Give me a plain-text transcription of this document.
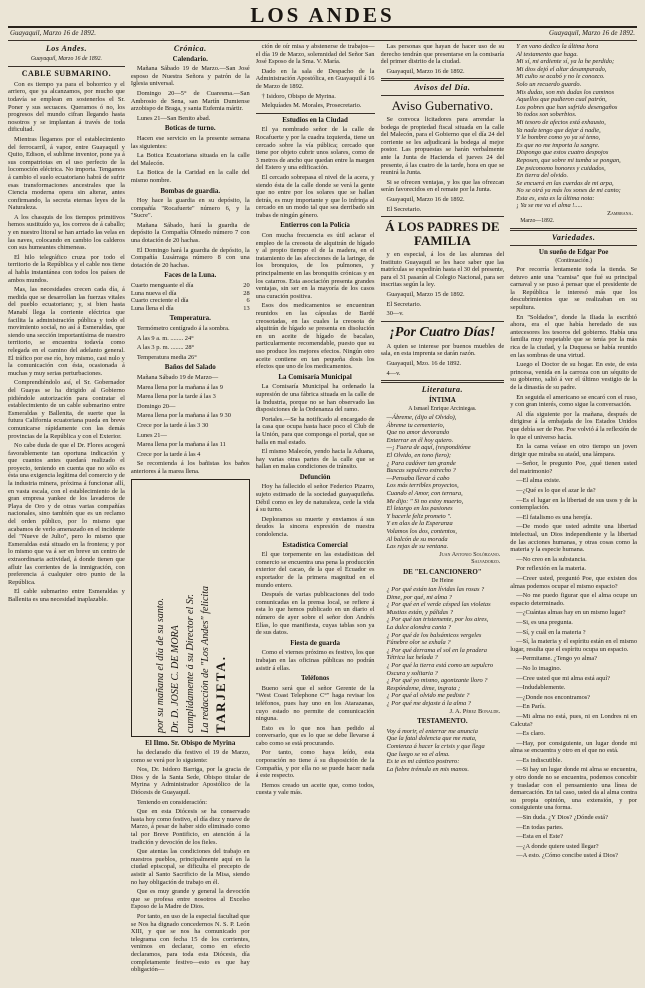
LOS ANDES
Guayaquil, Marzo 16 de 1892.	Guayaquil, Marzo 16 de 1892.
Los Andes.
Guayaquil, Marzo 16 de 1892.
CABLE SUBMARINO.

Con es tiempo ya para el bohorrico y el arriero, que ya alcanzamos, por mucho que todavía se emplean en sostenerlos el Sr. Poner y sus secuaces. Queramos ó no, los progresos del mundo cifran llegando hasta nosotros y se implantan á través de toda dificultad.

Mientras llegamos por el establecimiento del ferrocarril, á vapor, entre Guayaquil y Quito, Edison, el sublime inventor, pone ya á sus compatriotas en el uso perfecto de la locomoción eléctrica. No importa. Tengamos á cambio el suelo ecuatoriano habrá de sufrir esas transformaciones ancestrales que la Ciencia moderna opera sin alterar, antes confirmando, la secreta eternas leyes de la Naturaleza.

A los chasquis de los tiempos primitivos hemos sustituído ya, los correos de á caballo; y en nuestro litoral se han arriado las velas en las naves, colocando en cambio los calderos con sus humeantes chimeneas.

El hilo telegráfico cruza por todo el territorio de la República y el cable nos tiene al habla instantánea con todos los países de ambos mundos.

Mas, las necesidades crecen cada día, á medida que se desarrollan las fuerzas vitales del pueblo ecuatoriano; y, si bien hasta Manabí llega la corriente eléctrica que facilita la administración pública y todo el movimiento social, no así á Esmeraldas, que siendo una sección importantísima de nuestro territorio, se encuentra todavía como relegada en el camino del adelanto general. El tráfico por ese río, hoy mismo, casi nulo y la comunicación con ésta, ocasionada á muchas y muy serias perturbaciones.

Comprendiéndolo así, el Sr. Gobernador del Guayas se ha dirigido al Gobierno pidiéndole autorización para contratar el establecimiento de un cable submarino entre Esmeraldas y Ballenita, de suerte que la futura California ecuatoriana pueda en breve comunicarse rápidamente con las demás provincias de la República y con el Exterior.

No cabe duda de que el Dr. Flores acogerá favorablemente tan oportuna indicación y que cuantos antes quedará realizado el proyecto, teniendo en cuenta que no sólo es ésta una exigencia legítima del comercio y de la industria minera, próxima á funcionar allí, en vasta escala, con el establecimiento de la gran empresa yankee de los lavaderos de Playa de Oro y de otras varias compañías nacionales, sino también que es un reclamo del orden público, por lo mismo que acabamos de verlo amenazado en el incidente del "Nueve de Julio", pero lo mismo que Esmeraldas está situado en la frontera; y por lo mismo que va á ser en breve un centro de extraordinaria actividad, á donde tienen que afluir las corrientes de la inmigración, con preferencia á cualquier otro punto de la República.

El cable submarino entre Esmeraldas y Ballenita es una necesidad inaplazable.

Crónica.
Calendario.

Mañana Sábado 19 de Marzo.—San José esposo de Nuestra Señora y patrón de la Iglesia universal.

Domingo 20—5° de Cuaresma.—San Ambrosio de Sena, san Martín Dumiense arzobispo de Braga, y santa Eufemia mártir.

Lunes 21—San Benito abad.

Boticas de turno.

Hacen ese servicio en la presente semana las siguientes:

La Botica Ecuatoriana situada en la calle del Malecón.

La Botica de la Caridad en la calle del mismo nombre.

Bombas de guardia.

Hoy hace la guardia en su depósito, la compañía "Rocafuerte" número 6, y la "Sucre".

Mañana Sábado, hará la guardia de depósito la Compañía Olmedo número 7 con una dotación de 20 hachas.

El Domingo hará la guardia de depósito, la Compañía Lusárraga número 8 con una dotación de 20 hachas.

Faces de la Luna.
Cuarto menguante el día	20
Luna nueva el día	28
Cuarto creciente el día	6
Luna llena el día	13
Temperatura.

Termómetro centígrado á la sombra.

A las 9 a. m. ........ 24°

A las 3 p. m. ........ 28°

Temperatura media 26°

Baños del Salado

Mañana Sábado 19 de Marzo—

Marea llena por la mañana á las 9

Marea llena por la tarde á las 3

Domingo 20—

Marea llena por la mañana á las 9 30

Crece por la tarde á las 3 30

Lunes 21—

Marea llena por la mañana á las 11

Crece por la tarde á las 4

Se recomienda á los bañistas los baños anteriores á la marea llena.

por su mañana el día de su santo. Dr. D. JOSE C. DE MORA cumplidamente á su Director el Sr. La redacción de "Los Andes" felicita TARJETA.
El Ilmo. Sr. Obispo de Myrina

ha declarado día festivo el 19 de Marzo, como se verá por lo siguiente:

Nos, Dr. Isidoro Barriga, por la gracia de Dios y de la Santa Sede, Obispo titular de Myrina y Administrador Apostólico de la Diócesis de Guayaquil.

Teniendo en consideración:

Que en esta Diócesis se ha conservado hasta hoy como festivo, el día diez y nueve de Marzo, á pesar de haber sido eliminado como tal por Breve Pontificio, en atención á la tradición y devoción de los fieles.

Que atentas las condiciones del trabajo en nuestros pueblos, principalmente aquí en la ciudad episcopal, se dificulta el precepto de asistir al Santo Sacrificio de la Misa, siendo no hay obligación de trabajo en él.

Que es muy grande y general la devoción que se profesa entre nosotros al Excelso Esposo de la Madre de Dios.

Por tanto, en uso de la especial facultad que se Nos ha dignado concedernos N. S. P. León XIII, y que se nos ha comunicado por telegrama con fecha 15 de los corrientes, venimos en declarar, como en efecto declaramos, para toda esta Diócesis, día completamente festivo—esto es que hay obligación—

ción de oír misa y abstenerse de trabajos—el día 19 de Marzo, solemnidad del Señor San José Esposo de la Sma. V. María.

Dado en la sala de Despacho de la Administración Apostólica, en Guayaquil á 16 de Marzo de 1892.

† Isidoro, Obispo de Myrina.

Melquíades M. Morales, Prosecretario.

Estudios en la Ciudad

El ya nombrado señor de la calle de Rocafuerte y por la cuadra izquierda, tiene un cercado sobre la vía pública; cercado que tiene por objeto cubrir unos solares, como de 3 metros de ancho que quedan entre la margen del Estero y una edificación.

El cercado sobrepasa el nivel de la acera, y siendo ésta de la calle donde se verá la gente que no entre por los solares que se hallan detrás, es muy importante y que lo infrinja al cercado en un modo tal que sea derribado sin trabas de ningún género.

Entierros con la Policía

Con mucha frecuencia es útil aclarar el empleo de la creosota de alquitrán de hígado y al propio tiempo el de la madera, en el tratamiento de las afecciones de la laringe, de los bronquios, de los pulmones, y principalmente en las bronquitis crónicas y en los catarros. Esta asociación presenta grandes ventajas, sin ser en la mayoría de los casos una curación positiva.

Esos dos medicamentos se encuentran reunidos en las cápsulas de Bardé creosotadas, en las cuales la creosota de alquitrán de hígado se presenta en disolución en un aceite de hígado de bacalao, particularmente recomendable, puesto que su uso produce los mejores efectos. Ningún otro aceite contiene en tan pequeña dosis los efectos que uno de los medicamentos.

La Comisaría Municipal

La Comisaría Municipal ha ordenado la supresión de una fábrica situada en la calle de la Industria, porque no se han observado las disposiciones de la Ordenanza del ramo.

Portales.—Se ha notificado al encargado de la casa que ocupa hasta hace poco el Club de la Unión, para que componga el portal, que se halla en mal estado.

El mismo Malecón, yendo hacia la Aduana, hay varias otras partes de la calle que se hallan en malas condiciones de tránsito.

Defunción

Hoy ha fallecido el señor Federico Pizarro, sujeto estimado de la sociedad guayaquileña. Débil como es ley de naturaleza, cede la vida á su turno.

Deploramos su muerte y enviamos á sus deudos la sincera expresión de nuestra condolencia.

Estadística Comercial

El que torpemente en las estadísticas del comercio se encuentra una pena la producción exterior del cacao, de la que el Ecuador es exportador de la primera magnitud en el mundo entero.

Después de varias publicaciones del todo comunicadas en la prensa local, se refiere á esta lo que hemos publicado en un diario el número de ayer sobre el señor don Andrés Elías, lo que manifiesta, cuyas tablas son ya de sus datos.

Fiesta de guarda

Como el viernes próximo es festivo, los que trabajan en las oficinas públicas no podrán asistir á ellas.

Teléfonos

Bueno será que el señor Gerente de la "West Coast Telephone C°" haga revisar los teléfonos, pues hay uno en los Atarazanas, cuyo estado no permite de comunicación ninguna.

Esto es lo que nos han pedido al conversarlo, que es lo que se debe llevarse á cabo como se está procurando.

Por tanto, como haya leído, esta corporación no tiene á su disposición de la Compañía, y por ella no se puede hacer nada á este respecto.

Hemos creado un aceite que, como todos, cuesta y vale más.

Las personas que hayan de hacer uso de su derecho tendrán que presentarse en la comisaría del primer distrito de la ciudad.

Guayaquil, Marzo 16 de 1892.

Avisos del Día.
Aviso Gubernativo.

Se convoca licitadores para arrendar la bodega de propiedad fiscal situada en la calle del Malecón, para el Gobierno que el día 24 del corriente se les adjudicará la bodega al mejor postor. Las propuestas se harán verbalmente ante la Junta de Hacienda el jueves 24 del presente, á las cuatro de la tarde, hora en que se reunirá la Junta.

Si se ofrecen ventajas, y los que las ofrezcan serán favorecidos en el remate por la Junta.

Guayaquil, Marzo 16 de 1892.

El Secretario.

Á LOS PADRES DE FAMILIA

y en especial, á los de las alumnas del Instituto Guayaquil se les hace saber que las matrículas se expedirán hasta el 30 del presente, para el 31 pasarán al Colegio Nacional, para ser inscritas según la ley.

Guayaquil, Marzo 15 de 1892.

El Secretario.

30—v.

¡Por Cuatro Días!

A quien se interese por buenos muebles de sala, en esta imprenta se darán razón.

Guayaquil, Mzo. 16 de 1892.

4—v.

Literatura.
ÍNTIMA
A Ismael Enrique Arciniegas.

—Ábreme, (dijo al Olvido),

Ábreme tu cementerio,

Que no amor devorando

Enterrar en él hoy quiero.

—¡ Fuera de aquí, (respondióme

El Olvido, en tono fiero);

¿ Para cadáver tan grande

Buscas sepulcro estrecho ?

—Pensaba llevar á cabo

Los más terribles proyectos,

Cuando el Amor, con ternura,

Me dijo: " Si no estoy muerto,

El letargo en las pasiones

Y hacerle feliz prometo ".

Y en alas de la Esperanza

Volamos los dos, contentos,

Al balcón de su morada

Las rejas de su ventana.

Juan Antonio Solórzano.
Salvadorzo.
DE "EL CANCIONERO"
De Heine

¿ Por qué están tan lívidas las rosas ?

Dime, por qué, mi alma ?

¿ Por qué en el verde césped las violetas

Mustias están, y pálidas ?

¿ Por qué tan tristemente, por los aires,

La dulce alondra canta ?

¿ Por qué de los balsámicos vergeles

Fúnebre olor se exhala ?

¿ Por qué derrama el sol en la pradera

Tétrica luz helada ?

¿ Por qué la tierra está como un sepulcro

Oscura y solitaria ?

¿ Por qué yo mismo, agonizante lloro ?

Respóndeme, dime, ingrata ;

¿ Por qué al olvido me pediste ?

¿ Por qué me dejaste á la alma ?

J. A. Pérez Bonalde.
TESTAMENTO.

Voy á morir, el enterrar me anuncia

Que la fatal dolencia que me mata,

Comienza á hacer la crisis y que llega

Que luego se va el alma.

Es te es mi cántico postrero:

La fiebre trémula en mis manos.

Y en vano dedico la última hora

Al testamento que haga.

Mi sí, mi ardiente sí, ya la he perdido;

Mi dios dejó el altar desamparado,

Mi culto se acabó y no le conozco.

Solo un recuerdo guardo.

Mis dudas, son mis dudas los caminos

Aquellos que pudieron cual patrón,

Los pobres que han sufrido desengaños

Yo todos son soberbios.

Mi tesoro de afectos está exhausto,

Ya nada tengo que dejar á nadie,

Y le hombre como yo ya sé temo,

Es que no me importa la sangre.

Dispongo que estos cuatro despojos

Reposen, que sobre mi tumba se pongan,

De psiconomo honores y cuidados,

En tierra del olvido.

Se encuerá en las cuerdas de mi arpa,

No se oirá ya más los sones de mi canto;

Esta es, esta es la última nota:

¡ Ya se me va el alma !.....

Zambrana.
Marzo—1892.
Variedades.
Un sueño de Edgar Poe
(Continuación.)

Por recorría lentamente toda la tienda. Se detuvo ante una "camisa" que fué su principal carnaval y se puso á pensar que el presidente de la República le interesó más que los descubrimientos que se realizaban en su sepultura.

En "Soldados", donde la Iliada la escribió ahora, era el que había heredado de sus antecesores los tesoros del gobierno. Había una familia muy respetable que se tenía por la más rica de la ciudad, y la Duquesa se había reunido en las sombras de una virtud.

Luego el Doctor de su hogar. En este, de esta princesa, venida en la carroza con un séquito de su gobierno, salió á ver el último vestigio de la de la dinastía de su padre.

En seguida el americano se encaró con el ruso, y con gran interés, como sigue la conversación.

Al día siguiente por la mañana, después de dirigirse á la embajada de los Estados Unidos que debía ser de Poe. Poe volvió á la reflexión de lo que el universo hacía.

En la cama veíase en otro tiempo un joven dirigir que miraba su ataúd, una lámpara.

—Señor, le pregunto Poe, ¿qué tienen usted del matrimonio?

—El alma existe.

—¿Qué es lo que el azar le da?

—Es el lugar en la libertad de sus usos y de la contemplación.

—El fatalismo es una herejía.

—De modo que usted admite una libertad intelectual, un Dios independiente y la libertad de las acciones humanas, y otras cosas como la materia y la especie humana.

—No creo en la substancia.

Por reflexión en la materia.

—Creer usted, preguntó Poe, que existen dos almas podemos ocupar el mismo espacio?

—No me puedo figurar que el alma ocupe un espacio determinado.

—¿Cuántas almas hay en un mismo lugar?

—Si, es una pregunta.

—Sí, y cuál en la materia ?

—Sí, la materia y el espíritu están en el mismo lugar, resulta que el espíritu ocupa un espacio.

—Permitame. ¿Tengo yo alma?

—No lo imagino.

—Cree usted que mi alma está aquí?

—Indudablemente.

—¿Donde nos encontramos?

—En París.

—Mi alma no está, pues, ni en Londres ni en Calcuta?

—Es claro.

—Hay, por consiguiente, un lugar donde mi alma se encuentra y otro en el que no está.

—Es indiscutible.

—Si hay un lugar donde mi alma se encuentra, y otro donde no se encuentra, podemos concebir y trasladar con el pensamiento una línea de demarcación. En tal caso, usted da al alma contra su propia opinión, una extensión, y por consiguiente una forma.

—Sin duda. ¿Y Dios? ¿Dónde está?

—En todas partes.

—Esta en el Este?

—¿A donde quiere usted llegar?

—A esto. ¿Cómo concibe usted á Dios?
